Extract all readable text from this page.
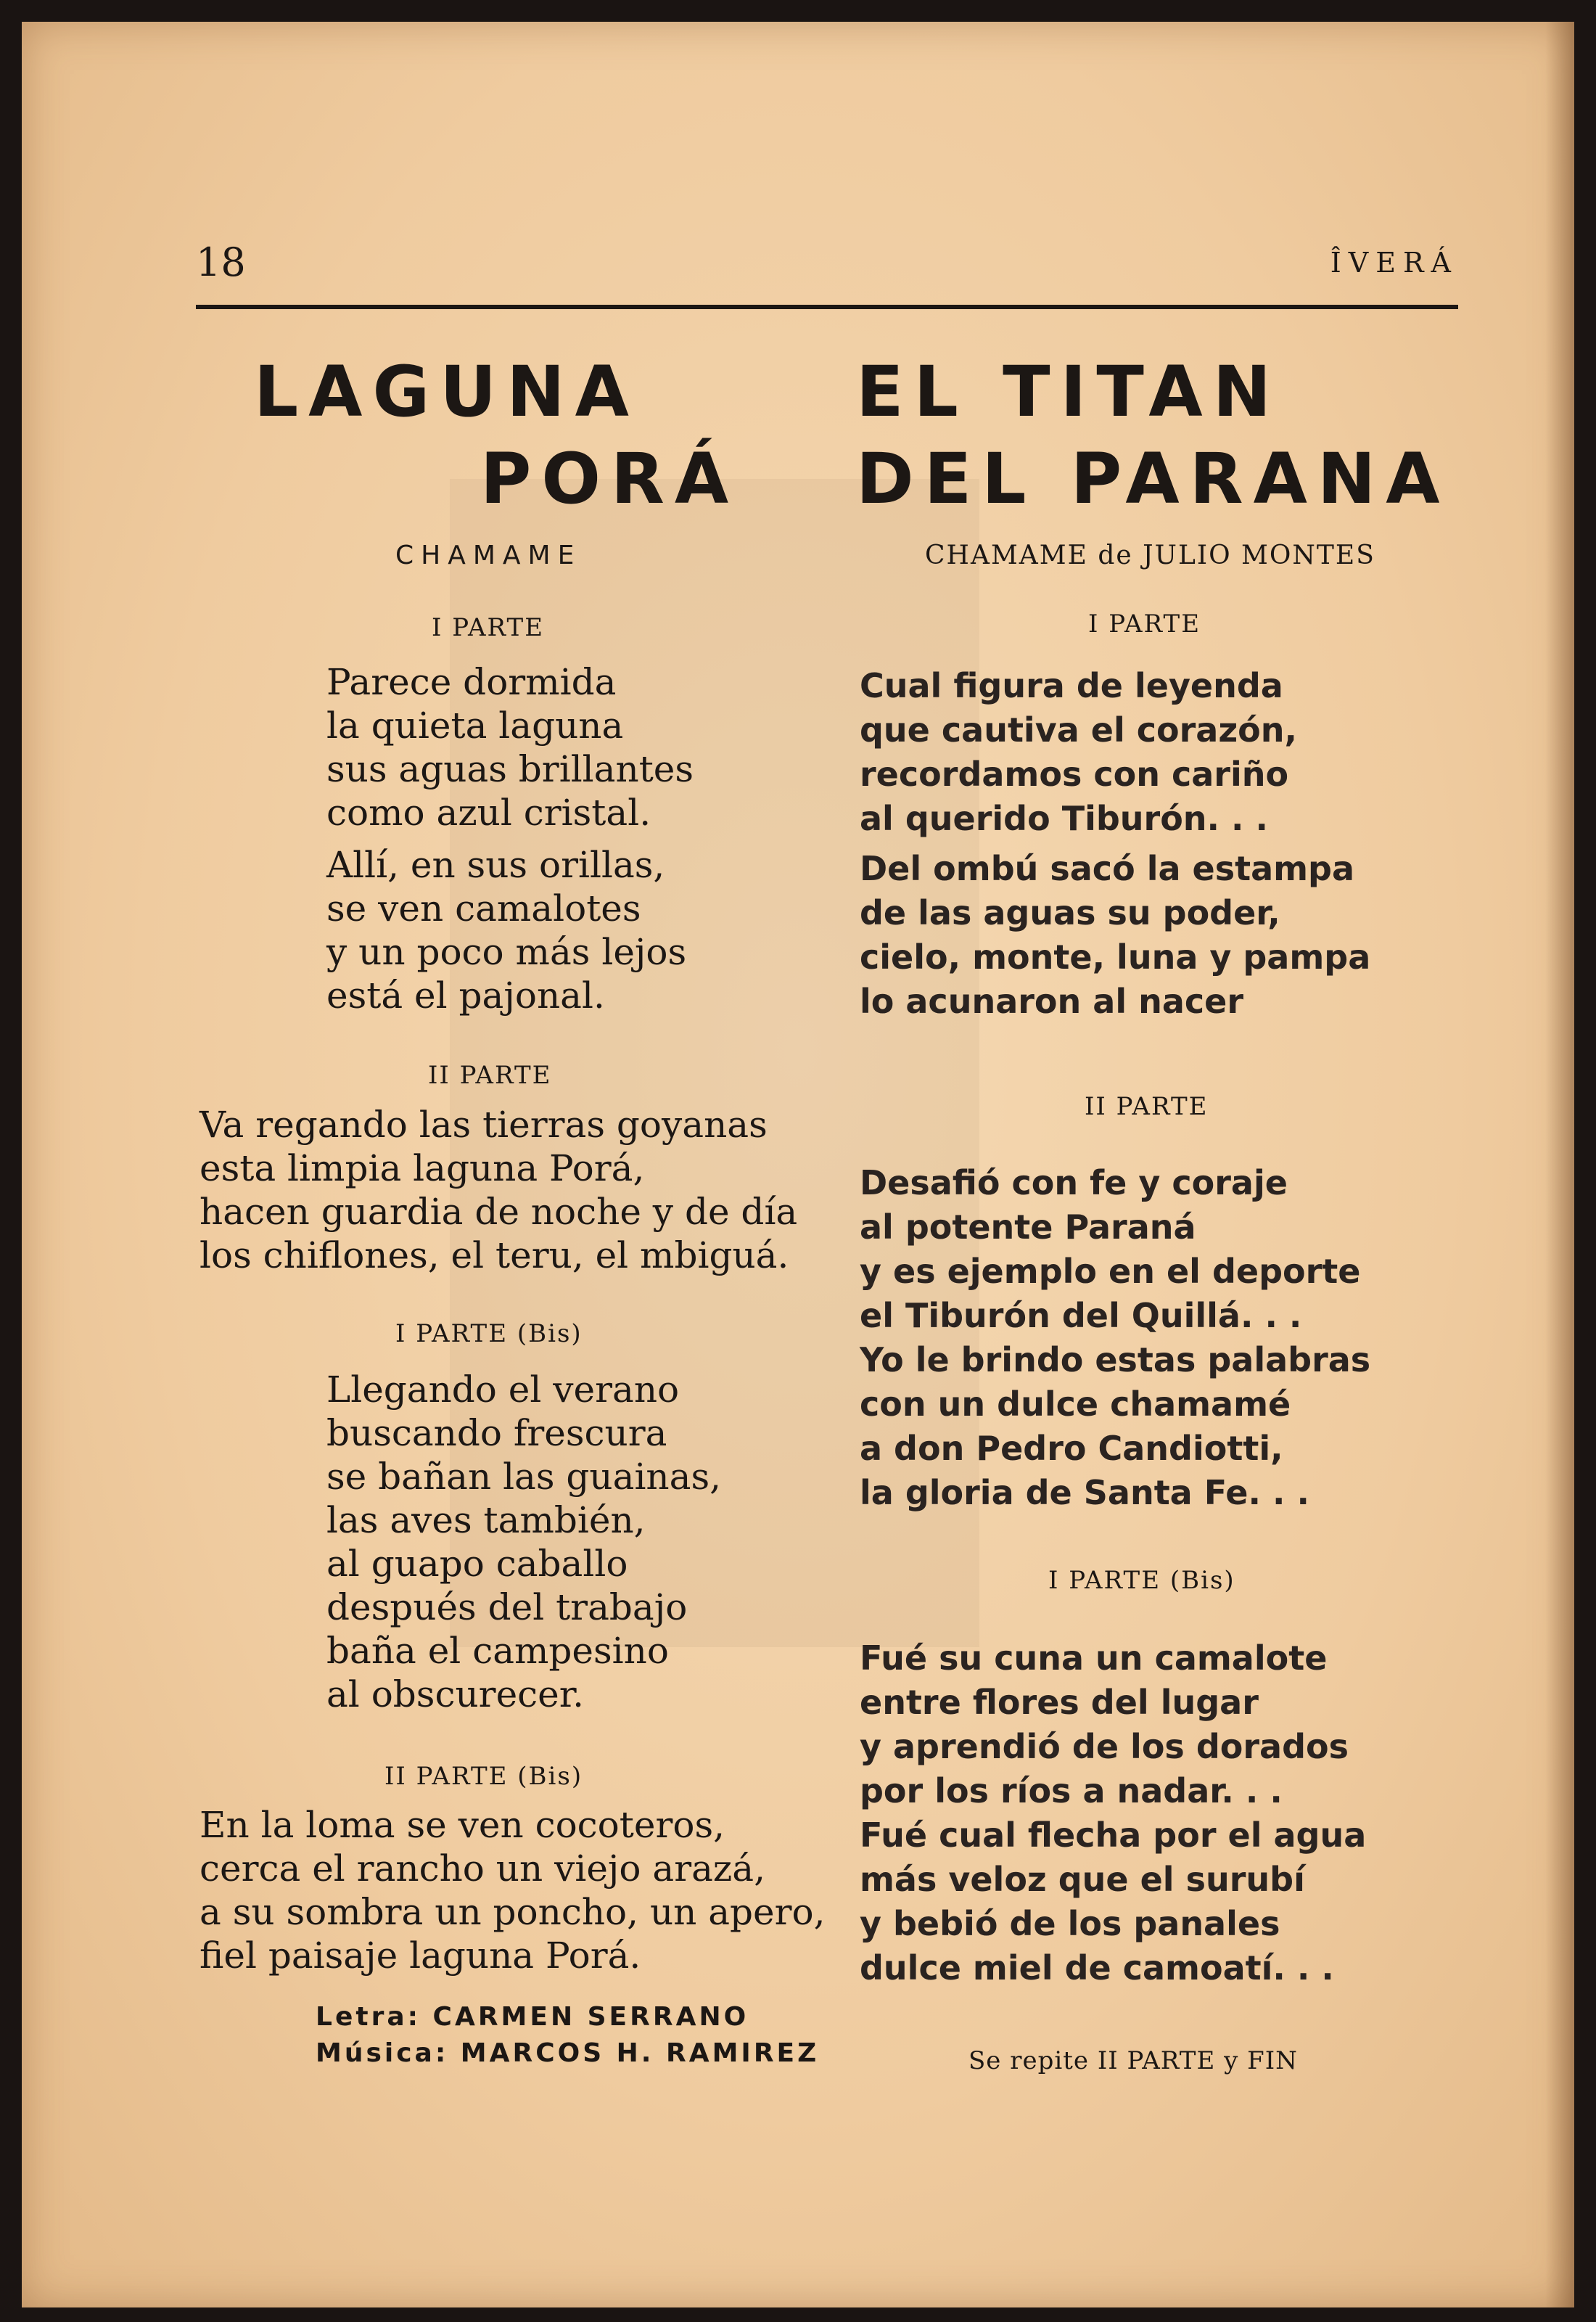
18	ÎVERÁ
LAGUNA
PORÁ
CHAMAME
I PARTE

Parece dormida

la quieta laguna

sus aguas brillantes

como azul cristal.

Allí, en sus orillas,

se ven camalotes

y un poco más lejos

está el pajonal.

II PARTE

Va regando las tierras goyanas

esta limpia laguna Porá,

hacen guardia de noche y de día

los chiflones, el teru, el mbiguá.

I PARTE (Bis)

Llegando el verano

buscando frescura

se bañan las guainas,

las aves también,

al guapo caballo

después del trabajo

baña el campesino

al obscurecer.

II PARTE (Bis)

En la loma se ven cocoteros,

cerca el rancho un viejo arazá,

a su sombra un poncho, un apero,

fiel paisaje laguna Porá.

Letra: CARMEN SERRANO
Música: MARCOS H. RAMIREZ
EL TITAN
DEL PARANA
CHAMAME de JULIO MONTES
I PARTE

Cual figura de leyenda

que cautiva el corazón,

recordamos con cariño

al querido Tiburón. . .

Del ombú sacó la estampa

de las aguas su poder,

cielo, monte, luna y pampa

lo acunaron al nacer

II PARTE

Desafió con fe y coraje

al potente Paraná

y es ejemplo en el deporte

el Tiburón del Quillá. . .

Yo le brindo estas palabras

con un dulce chamamé

a don Pedro Candiotti,

la gloria de Santa Fe. . .

I PARTE (Bis)

Fué su cuna un camalote

entre flores del lugar

y aprendió de los dorados

por los ríos a nadar. . .

Fué cual flecha por el agua

más veloz que el surubí

y bebió de los panales

dulce miel de camoatí. . .

Se repite II PARTE y FIN
